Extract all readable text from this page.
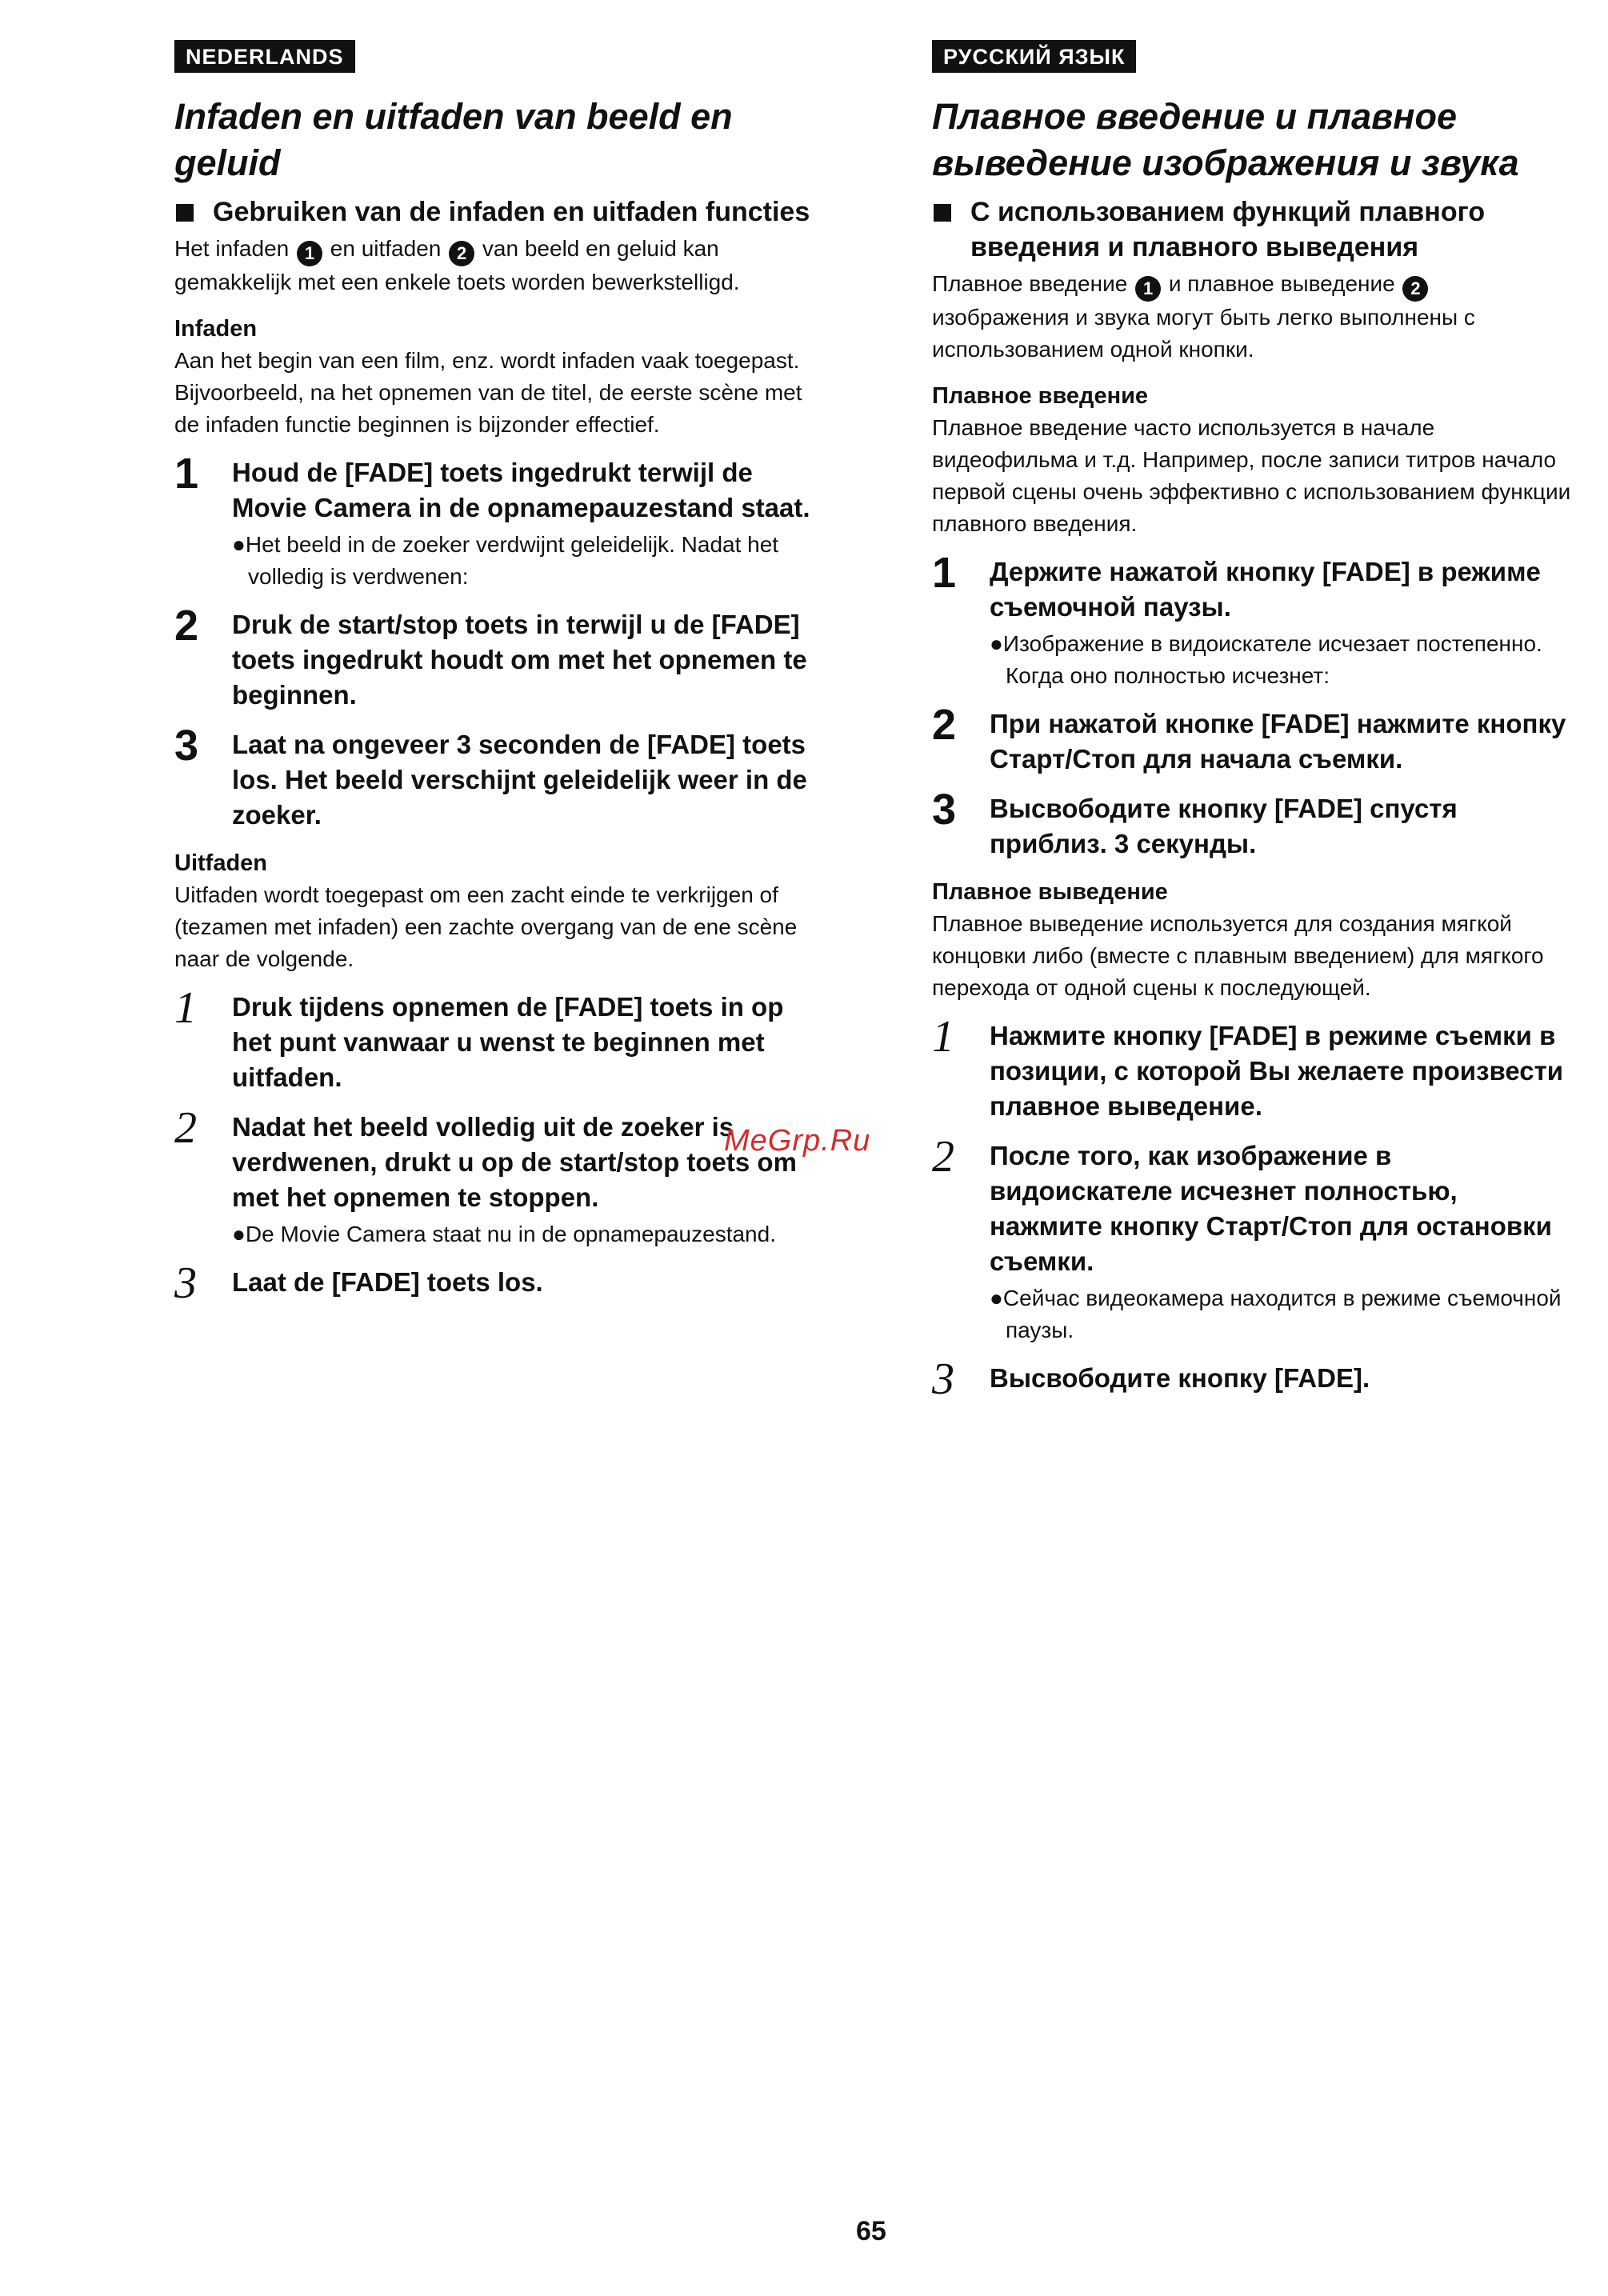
NEDERLANDS
Infaden en uitfaden van beeld en geluid
Gebruiken van de infaden en uitfaden functies

Het infaden 1 en uitfaden 2 van beeld en geluid kan gemakkelijk met een enkele toets worden bewerkstelligd.

Infaden

Aan het begin van een film, enz. wordt infaden vaak toegepast. Bijvoorbeeld, na het opnemen van de titel, de eerste scène met de infaden functie beginnen is bijzonder effectief.

1 Houd de [FADE] toets ingedrukt terwijl de Movie Camera in de opnamepauzestand staat.
●Het beeld in de zoeker verdwijnt geleidelijk. Nadat het volledig is verdwenen:
2 Druk de start/stop toets in terwijl u de [FADE] toets ingedrukt houdt om met het opnemen te beginnen.
3 Laat na ongeveer 3 seconden de [FADE] toets los. Het beeld verschijnt geleidelijk weer in de zoeker.
Uitfaden

Uitfaden wordt toegepast om een zacht einde te verkrijgen of (tezamen met infaden) een zachte overgang van de ene scène naar de volgende.

1 Druk tijdens opnemen de [FADE] toets in op het punt vanwaar u wenst te beginnen met uitfaden.
2 Nadat het beeld volledig uit de zoeker is verdwenen, drukt u op de start/stop toets om met het opnemen te stoppen.
●De Movie Camera staat nu in de opnamepauzestand.
3 Laat de [FADE] toets los.
РУССКИЙ ЯЗЫК
Плавное введение и плавное выведение изображения и звука
С использованием функций плавного введения и плавного выведения

Плавное введение 1 и плавное выведение 2 изображения и звука могут быть легко выполнены с использованием одной кнопки.

Плавное введение

Плавное введение часто используется в начале видеофильма и т.д. Например, после записи титров начало первой сцены очень эффективно с использованием функции плавного введения.

1 Держите нажатой кнопку [FADE] в режиме съемочной паузы.
●Изображение в видоискателе исчезает постепенно.
Когда оно полностью исчезнет:
2 При нажатой кнопке [FADE] нажмите кнопку Старт/Стоп для начала съемки.
3 Высвободите кнопку [FADE] спустя приблиз. 3 секунды.
Плавное выведение

Плавное выведение используется для создания мягкой концовки либо (вместе с плавным введением) для мягкого перехода от одной сцены к последующей.

1 Нажмите кнопку [FADE] в режиме съемки в позиции, с которой Вы желаете произвести плавное выведение.
2 После того, как изображение в видоискателе исчезнет полностью, нажмите кнопку Старт/Стоп для остановки съемки.
●Сейчас видеокамера находится в режиме съемочной паузы.
3 Высвободите кнопку [FADE].
MeGrp.Ru
65
